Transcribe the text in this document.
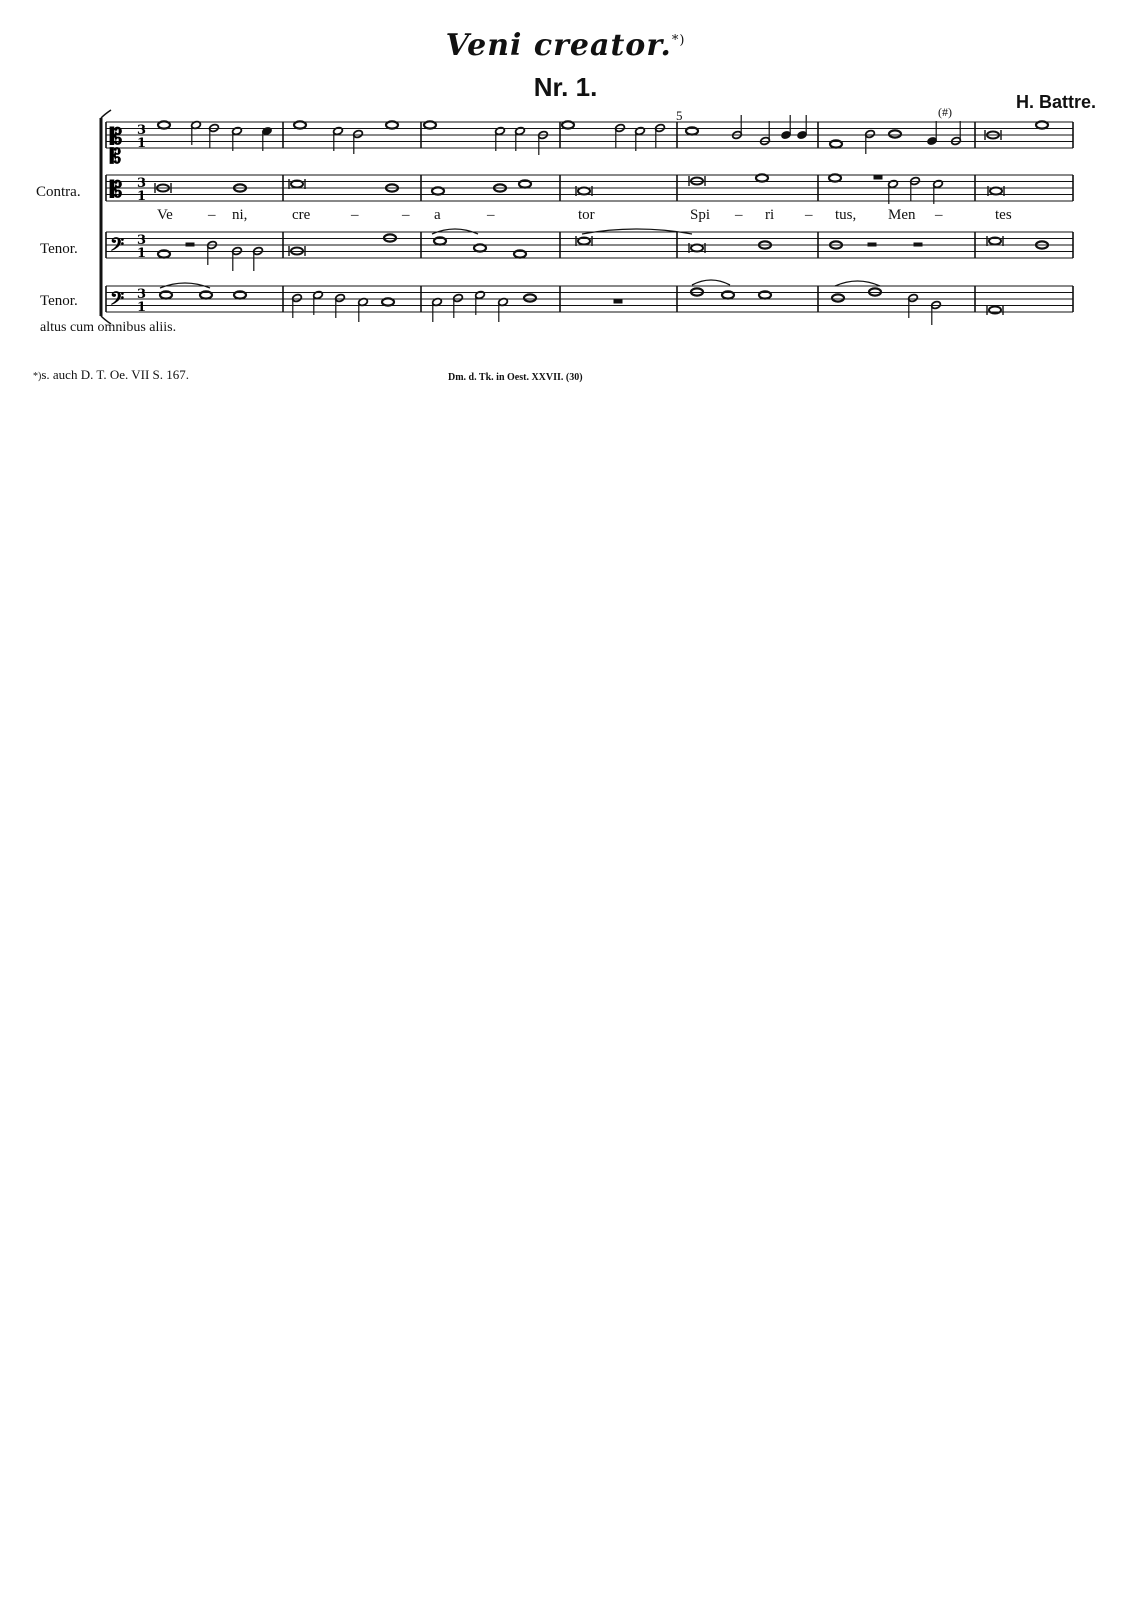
Veni creator.*)
Nr. 1.	H. Battre.
𝄡 3
1
𝄡 3
1
𝄢 3
1
𝄢 3
1
𝄡
Contra.
Tenor.
Tenor.
Ve – ni,	cre	–	– a	–	tor	Spi – ri – tus, Men –	tes
5	(#)
altus cum omnibus aliis.
*)s. auch D. T. Oe. VII S. 167.	Dm. d. Tk. in Oest. XXVII. (30)
